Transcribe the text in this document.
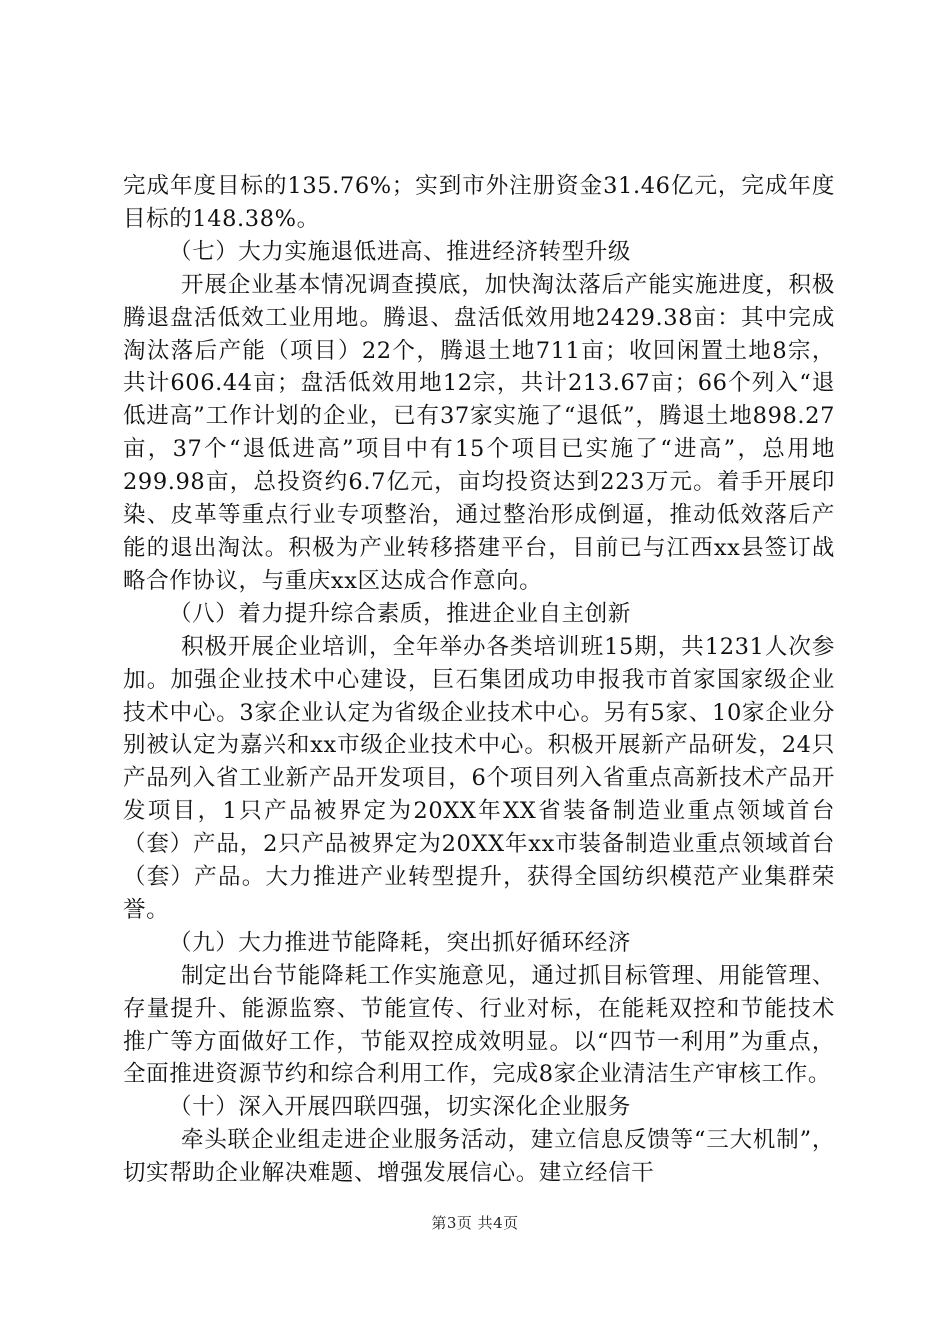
完成年度目标的135.76%；实到市外注册资金31.46亿元，完成年度目标的148.38%。

（七）大力实施退低进高、推进经济转型升级

开展企业基本情况调查摸底，加快淘汰落后产能实施进度，积极腾退盘活低效工业用地。腾退、盘活低效用地2429.38亩：其中完成淘汰落后产能（项目）22个，腾退土地711亩；收回闲置土地8宗，共计606.44亩；盘活低效用地12宗，共计213.67亩；66个列入“退低进高”工作计划的企业，已有37家实施了“退低”，腾退土地898.27亩，37个“退低进高”项目中有15个项目已实施了“进高”，总用地299.98亩，总投资约6.7亿元，亩均投资达到223万元。着手开展印染、皮革等重点行业专项整治，通过整治形成倒逼，推动低效落后产能的退出淘汰。积极为产业转移搭建平台，目前已与江西xx县签订战略合作协议，与重庆xx区达成合作意向。

（八）着力提升综合素质，推进企业自主创新

积极开展企业培训，全年举办各类培训班15期，共1231人次参加。加强企业技术中心建设，巨石集团成功申报我市首家国家级企业技术中心。3家企业认定为省级企业技术中心。另有5家、10家企业分别被认定为嘉兴和xx市级企业技术中心。积极开展新产品研发，24只产品列入省工业新产品开发项目，6个项目列入省重点高新技术产品开发项目，1只产品被界定为20XX年XX省装备制造业重点领域首台（套）产品，2只产品被界定为20XX年xx市装备制造业重点领域首台（套）产品。大力推进产业转型提升，获得全国纺织模范产业集群荣誉。

（九）大力推进节能降耗，突出抓好循环经济

制定出台节能降耗工作实施意见，通过抓目标管理、用能管理、存量提升、能源监察、节能宣传、行业对标，在能耗双控和节能技术推广等方面做好工作，节能双控成效明显。以“四节一利用”为重点，全面推进资源节约和综合利用工作，完成8家企业清洁生产审核工作。

（十）深入开展四联四强，切实深化企业服务

牵头联企业组走进企业服务活动，建立信息反馈等“三大机制”，切实帮助企业解决难题、增强发展信心。建立经信干

第3页 共4页
